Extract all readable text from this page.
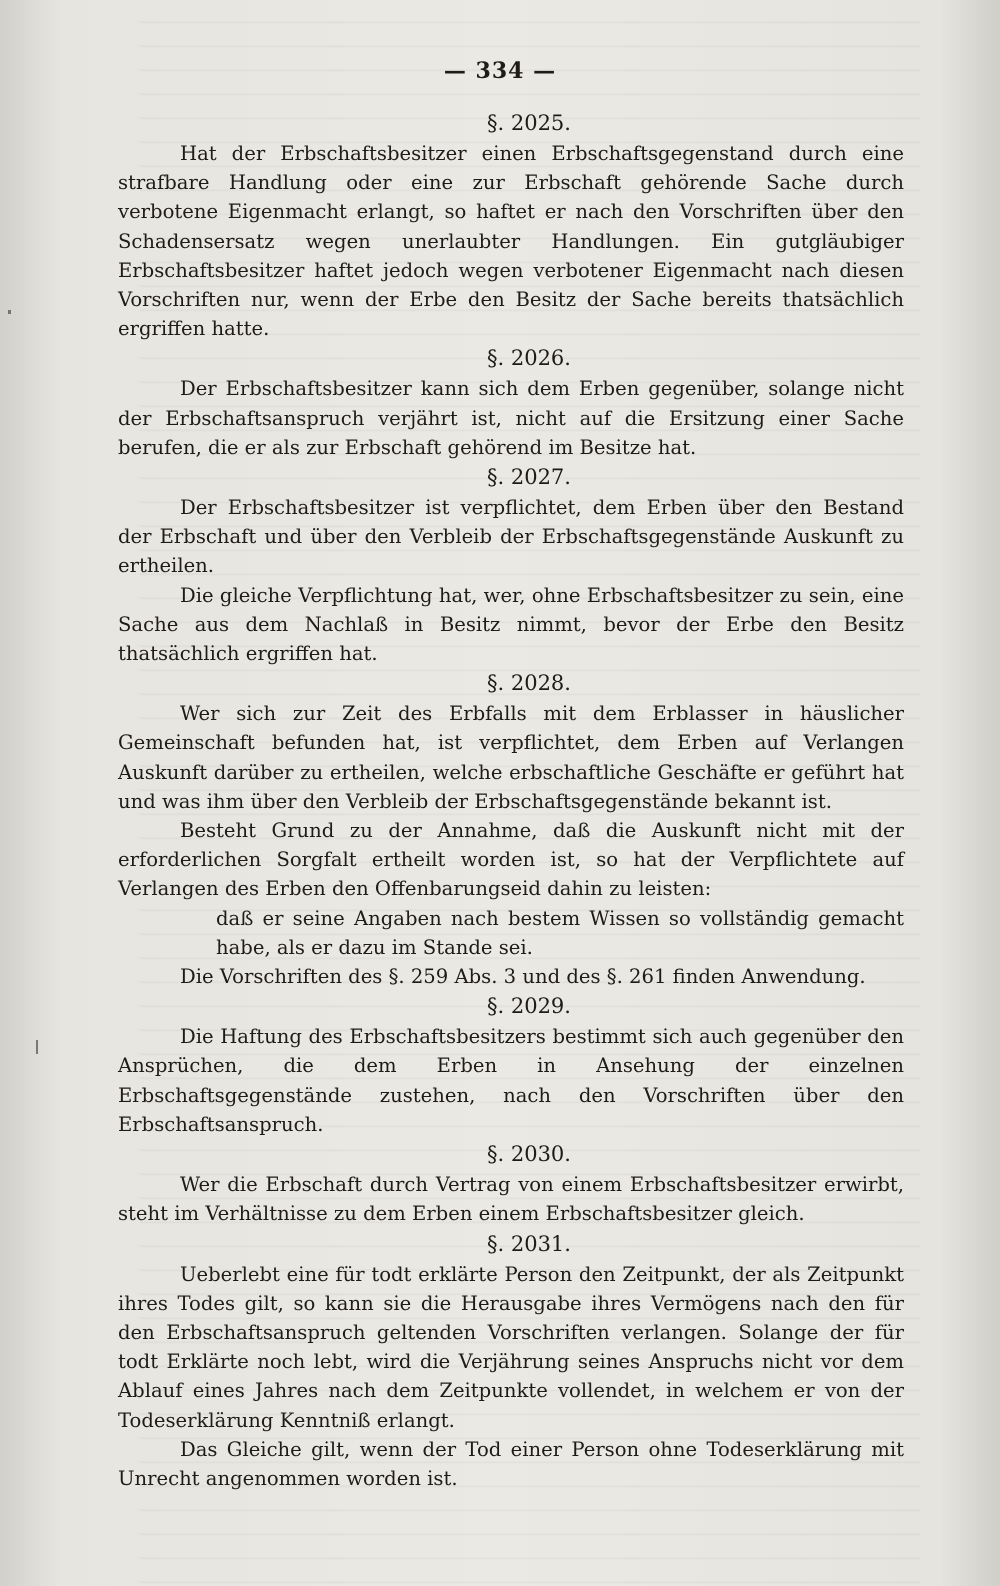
— 334 —

§. 2025.

Hat der Erbschaftsbesitzer einen Erbschaftsgegenstand durch eine strafbare Handlung oder eine zur Erbschaft gehörende Sache durch verbotene Eigenmacht erlangt, so haftet er nach den Vorschriften über den Schadensersatz wegen unerlaubter Handlungen. Ein gutgläubiger Erbschaftsbesitzer haftet jedoch wegen verbotener Eigenmacht nach diesen Vorschriften nur, wenn der Erbe den Besitz der Sache bereits thatsächlich ergriffen hatte.

§. 2026.

Der Erbschaftsbesitzer kann sich dem Erben gegenüber, solange nicht der Erbschaftsanspruch verjährt ist, nicht auf die Ersitzung einer Sache berufen, die er als zur Erbschaft gehörend im Besitze hat.

§. 2027.

Der Erbschaftsbesitzer ist verpflichtet, dem Erben über den Bestand der Erbschaft und über den Verbleib der Erbschaftsgegenstände Auskunft zu ertheilen.

Die gleiche Verpflichtung hat, wer, ohne Erbschaftsbesitzer zu sein, eine Sache aus dem Nachlaß in Besitz nimmt, bevor der Erbe den Besitz thatsächlich ergriffen hat.

§. 2028.

Wer sich zur Zeit des Erbfalls mit dem Erblasser in häuslicher Gemeinschaft befunden hat, ist verpflichtet, dem Erben auf Verlangen Auskunft darüber zu ertheilen, welche erbschaftliche Geschäfte er geführt hat und was ihm über den Verbleib der Erbschaftsgegenstände bekannt ist.

Besteht Grund zu der Annahme, daß die Auskunft nicht mit der erforderlichen Sorgfalt ertheilt worden ist, so hat der Verpflichtete auf Verlangen des Erben den Offenbarungseid dahin zu leisten:

daß er seine Angaben nach bestem Wissen so vollständig gemacht habe, als er dazu im Stande sei.

Die Vorschriften des §. 259 Abs. 3 und des §. 261 finden Anwendung.

§. 2029.

Die Haftung des Erbschaftsbesitzers bestimmt sich auch gegenüber den Ansprüchen, die dem Erben in Ansehung der einzelnen Erbschaftsgegenstände zustehen, nach den Vorschriften über den Erbschaftsanspruch.

§. 2030.

Wer die Erbschaft durch Vertrag von einem Erbschaftsbesitzer erwirbt, steht im Verhältnisse zu dem Erben einem Erbschaftsbesitzer gleich.

§. 2031.

Ueberlebt eine für todt erklärte Person den Zeitpunkt, der als Zeitpunkt ihres Todes gilt, so kann sie die Herausgabe ihres Vermögens nach den für den Erbschaftsanspruch geltenden Vorschriften verlangen. Solange der für todt Erklärte noch lebt, wird die Verjährung seines Anspruchs nicht vor dem Ablauf eines Jahres nach dem Zeitpunkte vollendet, in welchem er von der Todeserklärung Kenntniß erlangt.

Das Gleiche gilt, wenn der Tod einer Person ohne Todeserklärung mit Unrecht angenommen worden ist.
